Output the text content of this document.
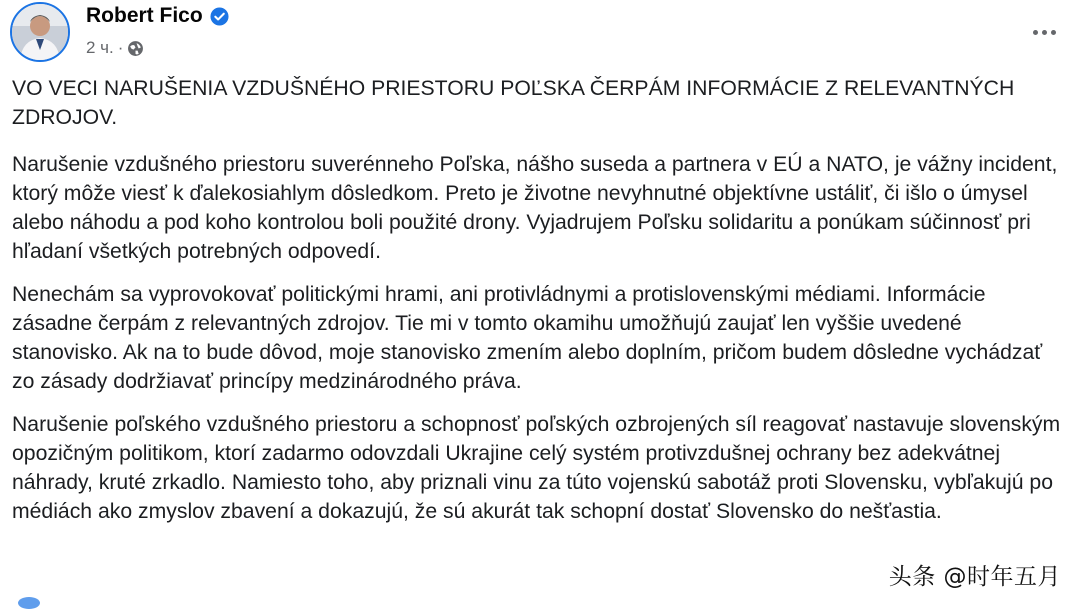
Robert Fico
2 ч. ·

VO VECI NARUŠENIA VZDUŠNÉHO PRIESTORU POĽSKA ČERPÁM INFORMÁCIE Z RELEVANTNÝCH ZDROJOV.

Narušenie vzdušného priestoru suverénneho Poľska, nášho suseda a partnera v EÚ a NATO, je vážny incident, ktorý môže viesť k ďalekosiahlym dôsledkom. Preto je životne nevyhnutné objektívne ustáliť, či išlo o úmysel alebo náhodu a pod koho kontrolou boli použité drony. Vyjadrujem Poľsku solidaritu a ponúkam súčinnosť pri hľadaní všetkých potrebných odpovedí.

Nenechám sa vyprovokovať politickými hrami, ani protivládnymi a protislovenskými médiami. Informácie zásadne čerpám z relevantných zdrojov. Tie mi v tomto okamihu umožňujú zaujať len vyššie uvedené stanovisko. Ak na to bude dôvod, moje stanovisko zmením alebo doplním, pričom budem dôsledne vychádzať zo zásady dodržiavať princípy medzinárodného práva.

Narušenie poľského vzdušného priestoru a schopnosť poľských ozbrojených síl reagovať nastavuje slovenským opozičným politikom, ktorí zadarmo odovzdali Ukrajine celý systém protivzdušnej ochrany bez adekvátnej náhrady, kruté zrkadlo. Namiesto toho, aby priznali vinu za túto vojenskú sabotáž proti Slovensku, vybľakujú po médiách ako zmyslov zbavení a dokazujú, že sú akurát tak schopní dostať Slovensko do nešťastia.

头条 @时年五月
